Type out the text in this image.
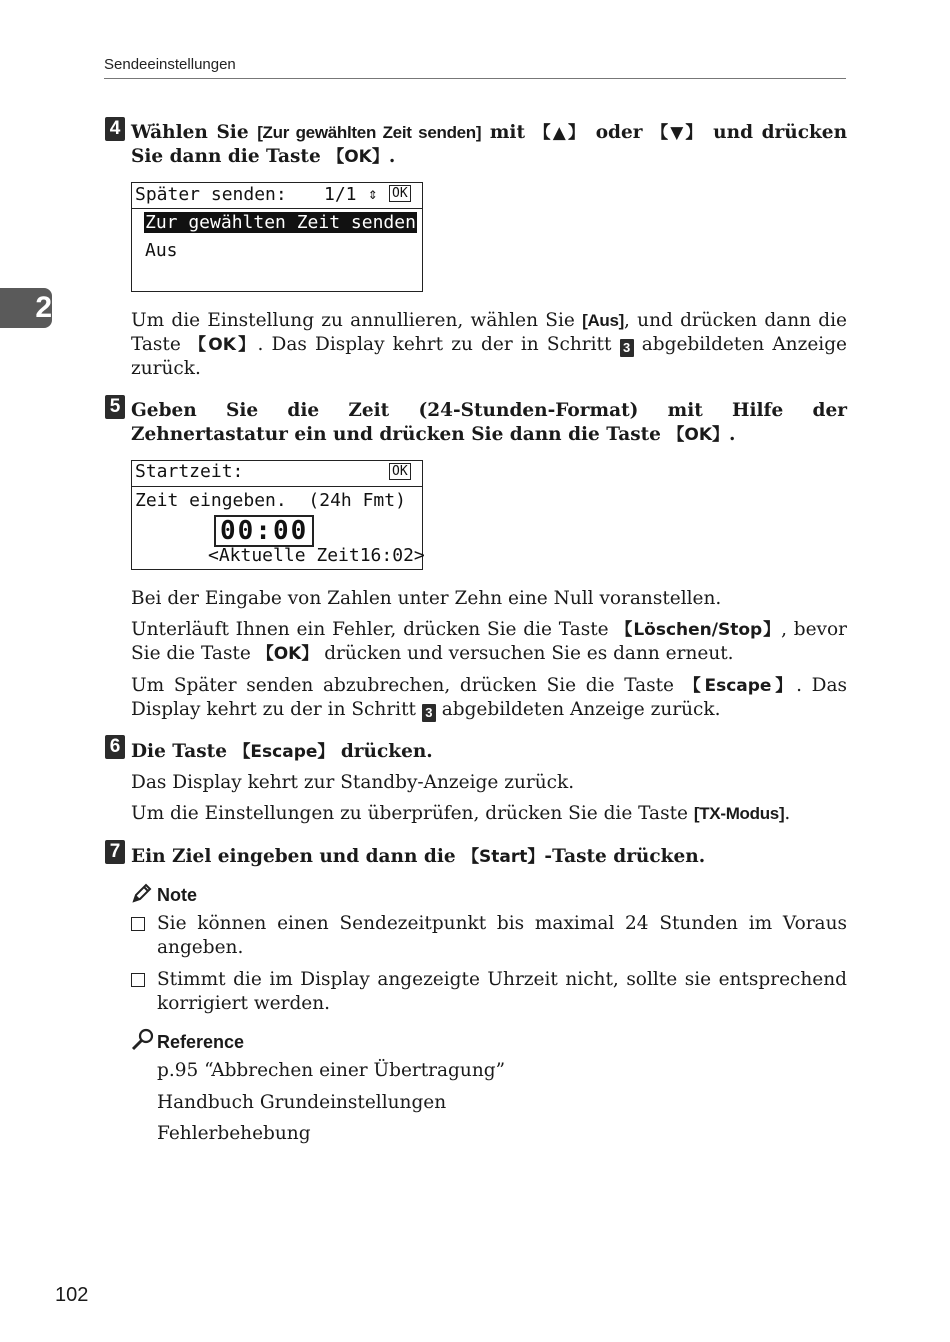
Sendeeinstellungen
2
4 Wählen Sie [Zur gewählten Zeit senden] mit 【▲】 oder 【▼】 und drücken Sie dann die Taste 【OK】.
Später senden: 1/1 ⇕ OK
Zur gewählten Zeit senden
Aus
Um die Einstellung zu annullieren, wählen Sie [Aus], und drücken dann die Taste 【OK】. Das Display kehrt zu der in Schritt 3 abgebildeten Anzeige zurück.
5 Geben Sie die Zeit (24-Stunden-Format) mit Hilfe der Zehnertastatur ein und drücken Sie dann die Taste 【OK】.
Startzeit:	OK
Zeit eingeben.  (24h Fmt)
00:00
<Aktuelle Zeit16:02>
Bei der Eingabe von Zahlen unter Zehn eine Null voranstellen.
Unterläuft Ihnen ein Fehler, drücken Sie die Taste 【Löschen/Stop】, bevor Sie die Taste 【OK】 drücken und versuchen Sie es dann erneut.
Um Später senden abzubrechen, drücken Sie die Taste 【Escape】. Das Display kehrt zu der in Schritt 3 abgebildeten Anzeige zurück.
6 Die Taste 【Escape】 drücken.
Das Display kehrt zur Standby-Anzeige zurück.
Um die Einstellungen zu überprüfen, drücken Sie die Taste [TX-Modus].
7 Ein Ziel eingeben und dann die 【Start】-Taste drücken.
Note
Sie können einen Sendezeitpunkt bis maximal 24 Stunden im Voraus angeben.
Stimmt die im Display angezeigte Uhrzeit nicht, sollte sie entsprechend korrigiert werden.
Reference
p.95 “Abbrechen einer Übertragung”
Handbuch Grundeinstellungen
Fehlerbehebung
102
